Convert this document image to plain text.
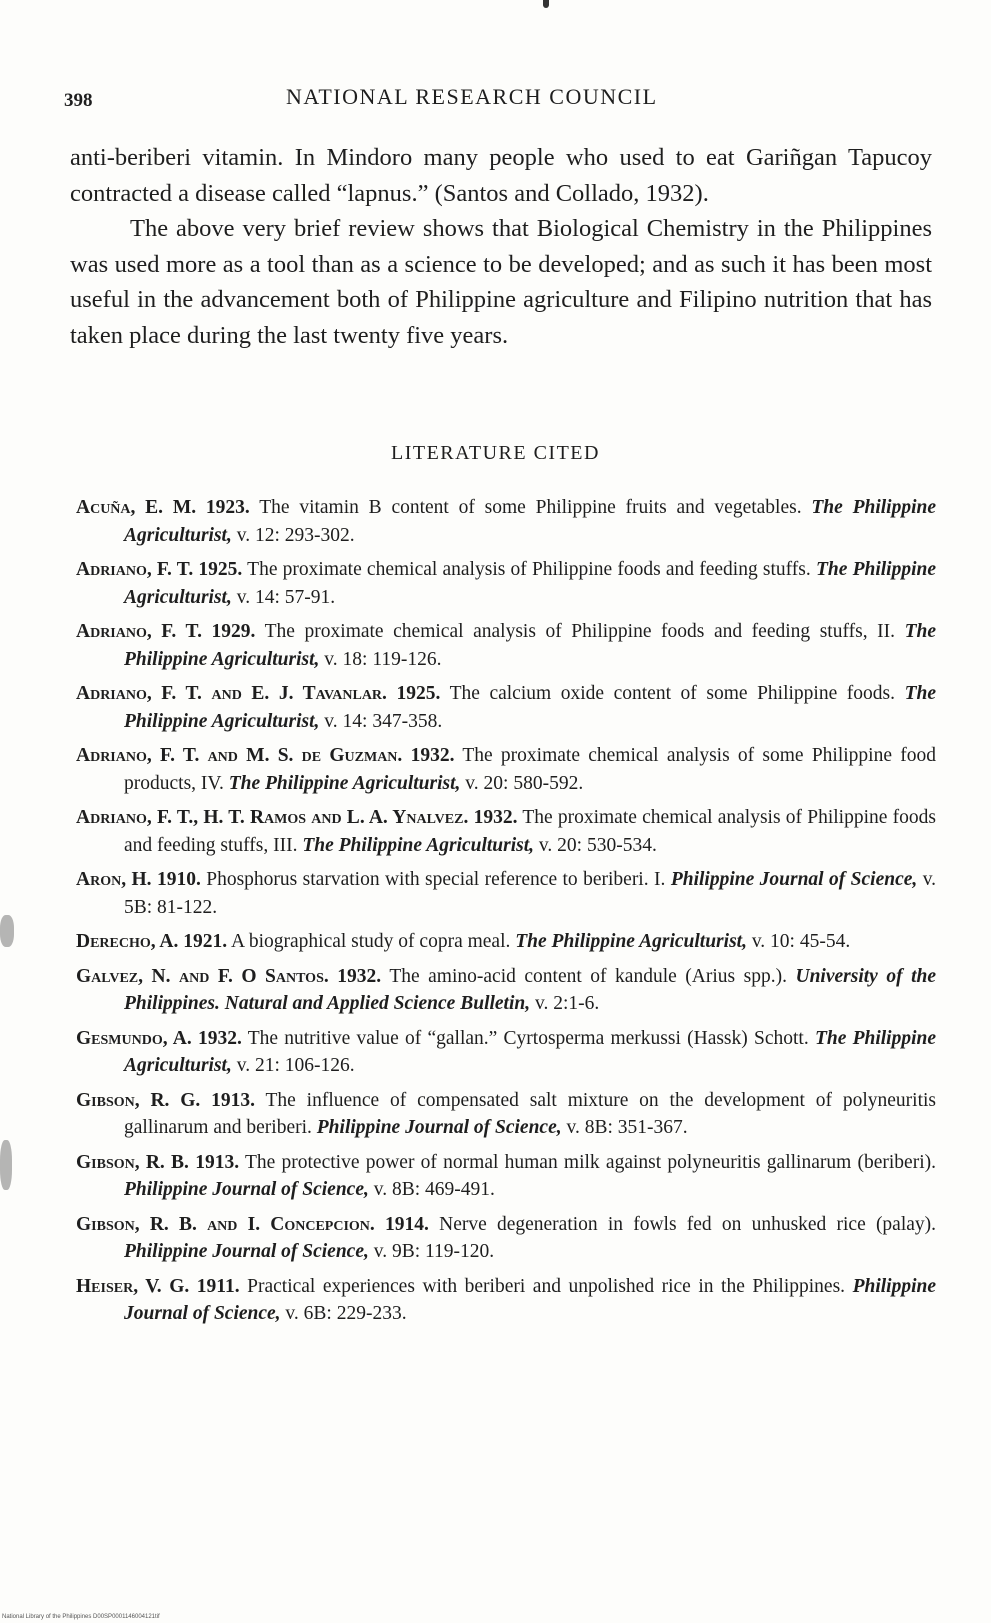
398	NATIONAL RESEARCH COUNCIL

anti-beriberi vitamin. In Mindoro many people who used to eat Gariñgan Tapucoy contracted a disease called “lapnus.” (Santos and Collado, 1932).

The above very brief review shows that Biological Chemistry in the Philippines was used more as a tool than as a science to be developed; and as such it has been most useful in the advancement both of Philippine agriculture and Filipino nutrition that has taken place during the last twenty five years.

LITERATURE CITED

Acuña, E. M. 1923. The vitamin B content of some Philippine fruits and vegetables. The Philippine Agriculturist, v. 12: 293-302.

Adriano, F. T. 1925. The proximate chemical analysis of Philippine foods and feeding stuffs. The Philippine Agriculturist, v. 14: 57-91.

Adriano, F. T. 1929. The proximate chemical analysis of Philippine foods and feeding stuffs, II. The Philippine Agriculturist, v. 18: 119-126.

Adriano, F. T. and E. J. Tavanlar. 1925. The calcium oxide content of some Philippine foods. The Philippine Agriculturist, v. 14: 347-358.

Adriano, F. T. and M. S. de Guzman. 1932. The proximate chemical analysis of some Philippine food products, IV. The Philippine Agriculturist, v. 20: 580-592.

Adriano, F. T., H. T. Ramos and L. A. Ynalvez. 1932. The proximate chemical analysis of Philippine foods and feeding stuffs, III. The Philippine Agriculturist, v. 20: 530-534.

Aron, H. 1910. Phosphorus starvation with special reference to beriberi. I. Philippine Journal of Science, v. 5B: 81-122.

Derecho, A. 1921. A biographical study of copra meal. The Philippine Agriculturist, v. 10: 45-54.

Galvez, N. and F. O Santos. 1932. The amino-acid content of kandule (Arius spp.). University of the Philippines. Natural and Applied Science Bulletin, v. 2:1-6.

Gesmundo, A. 1932. The nutritive value of “gallan.” Cyrtosperma merkussi (Hassk) Schott. The Philippine Agriculturist, v. 21: 106-126.

Gibson, R. G. 1913. The influence of compensated salt mixture on the development of polyneuritis gallinarum and beriberi. Philippine Journal of Science, v. 8B: 351-367.

Gibson, R. B. 1913. The protective power of normal human milk against polyneuritis gallinarum (beriberi). Philippine Journal of Science, v. 8B: 469-491.

Gibson, R. B. and I. Concepcion. 1914. Nerve degeneration in fowls fed on unhusked rice (palay). Philippine Journal of Science, v. 9B: 119-120.

Heiser, V. G. 1911. Practical experiences with beriberi and unpolished rice in the Philippines. Philippine Journal of Science, v. 6B: 229-233.

National Library of the Philippines D00SP0001146004121tif
